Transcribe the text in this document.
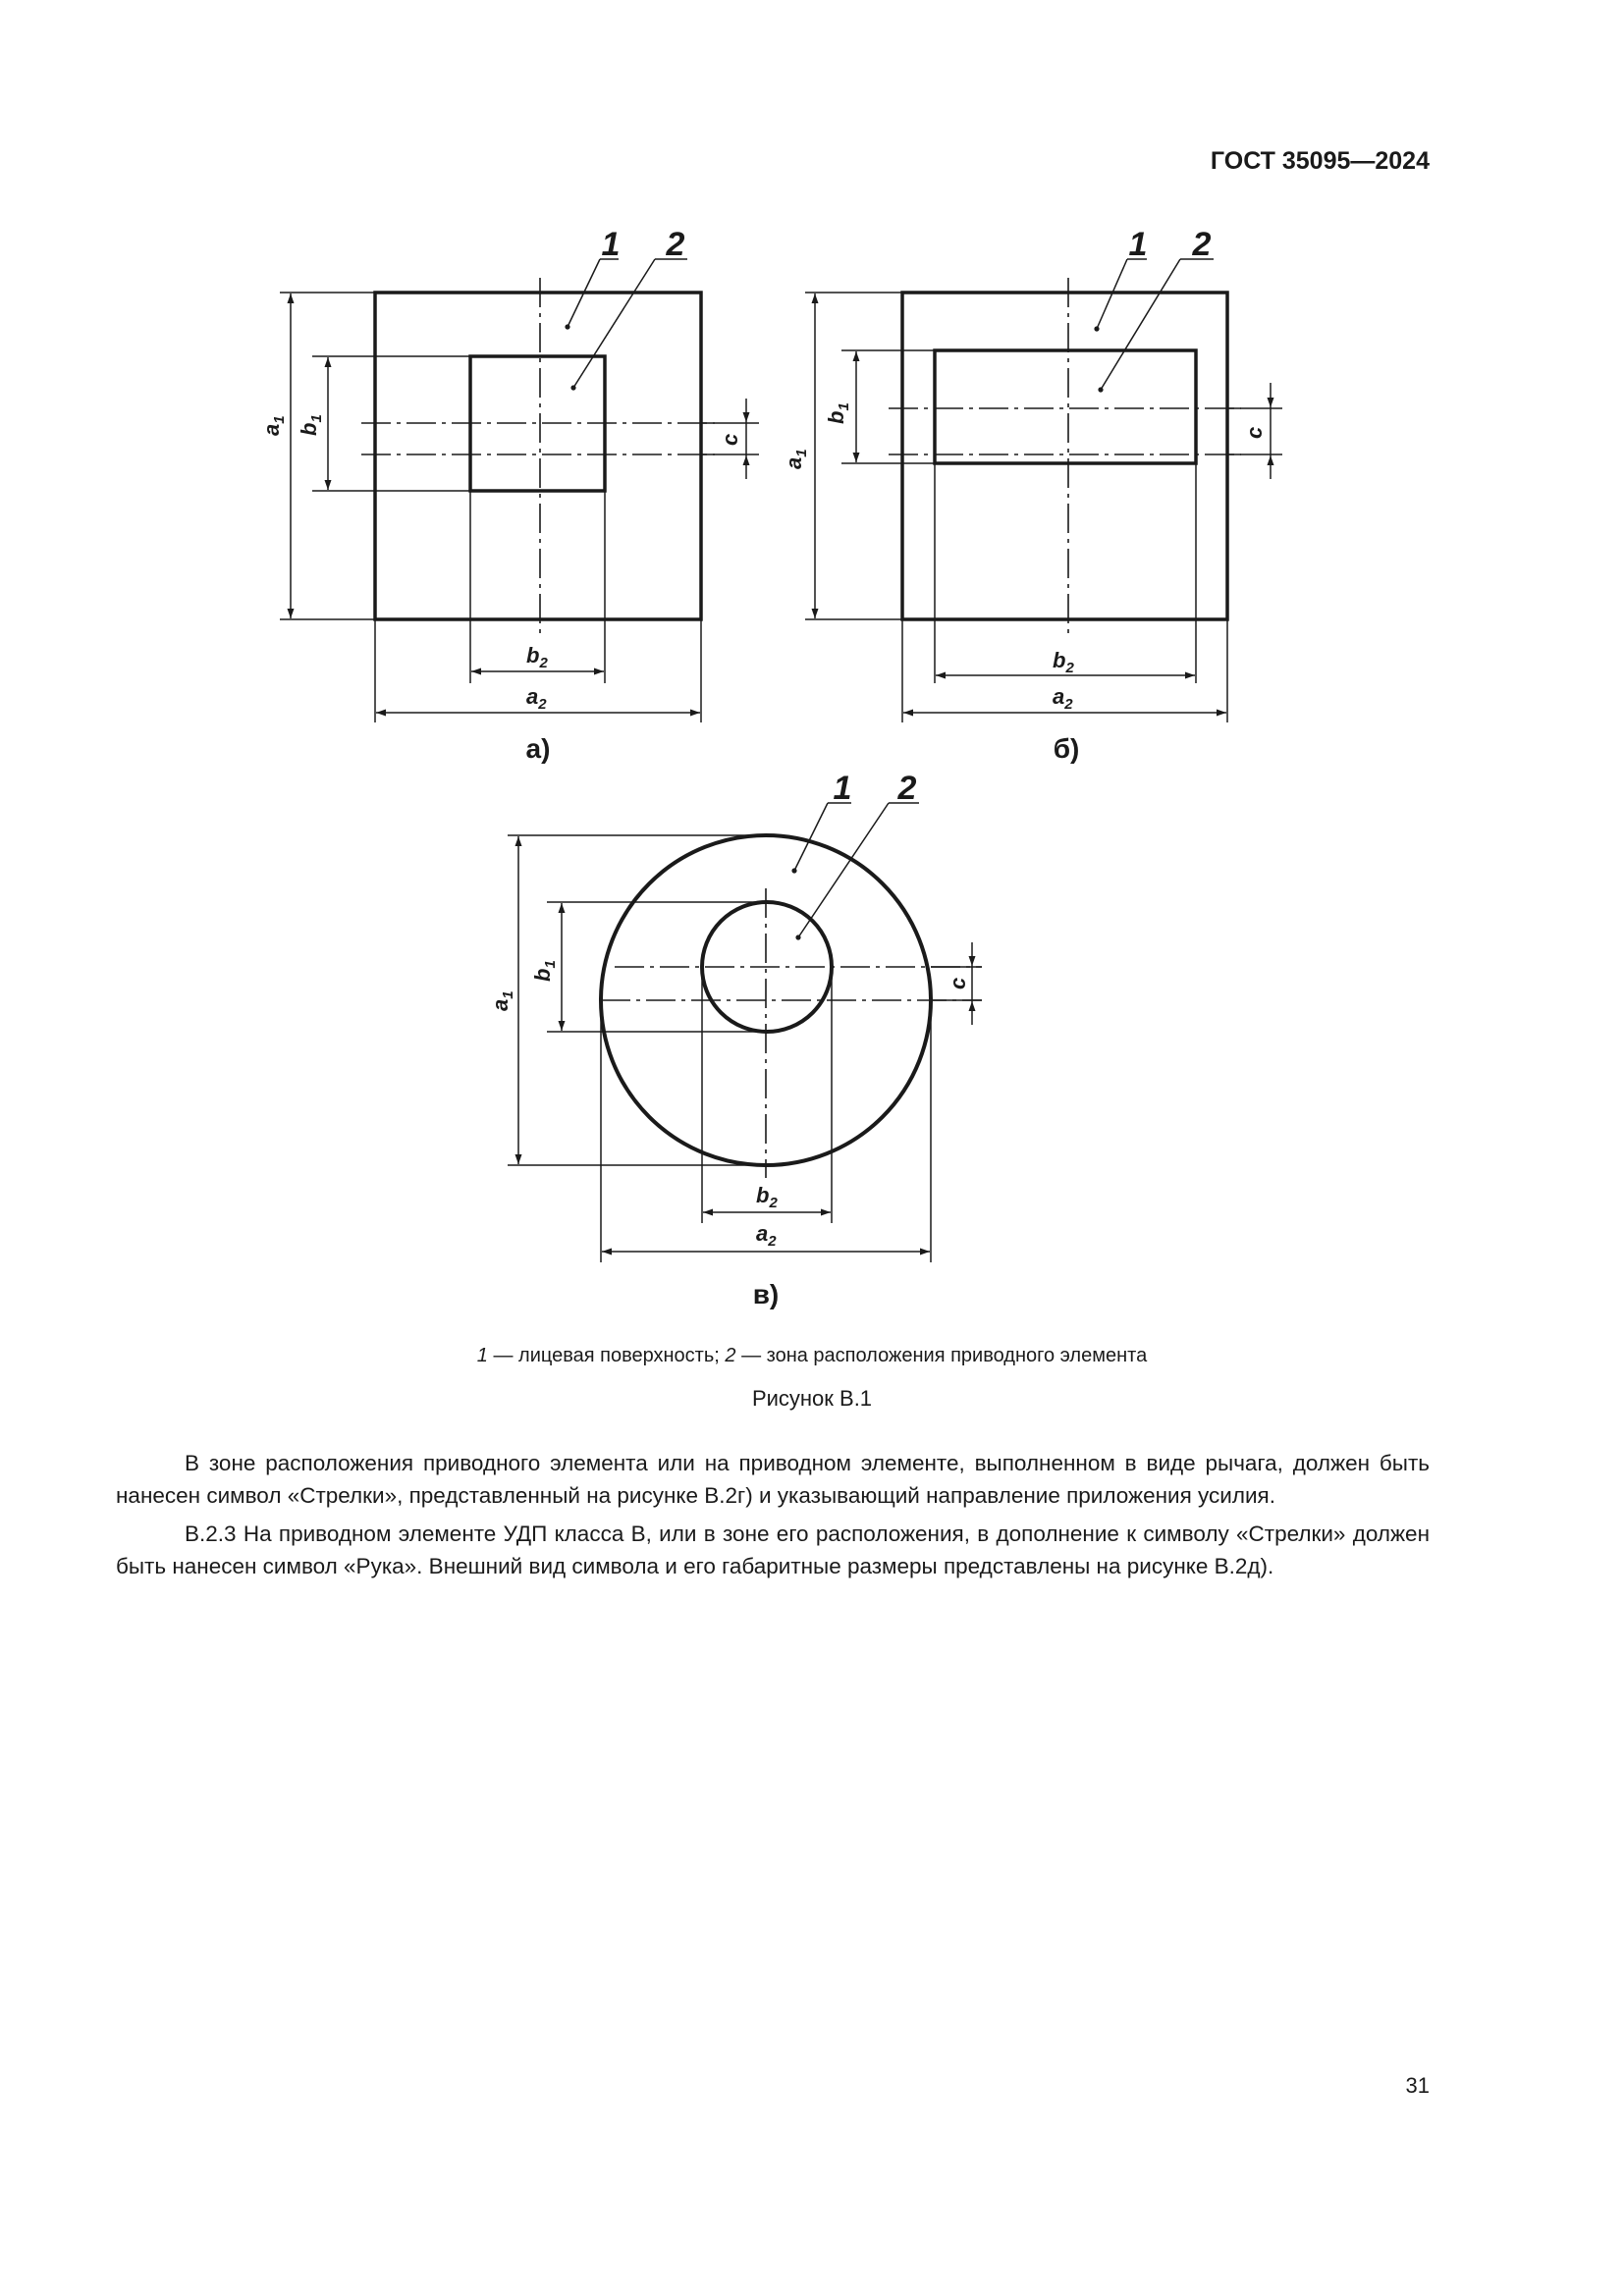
ГОСТ 35095—2024
1 2
$a_1$
$b_1$
c
$b_2$
$a_2$
а)
1 2
$a_1$
$b_1$
c
$b_2$
$a_2$
б)
1 2
$a_1$
$b_1$
c
$b_2$
$a_2$
в)
1 — лицевая поверхность; 2 — зона расположения приводного элемента
Рисунок В.1

В зоне расположения приводного элемента или на приводном элементе, выполненном в виде рычага, должен быть нанесен символ «Стрелки», представленный на рисунке В.2г) и указывающий направление приложения усилия.

В.2.3 На приводном элементе УДП класса В, или в зоне его расположения, в дополнение к символу «Стрелки» должен быть нанесен символ «Рука». Внешний вид символа и его габаритные размеры представлены на рисунке В.2д).

31
